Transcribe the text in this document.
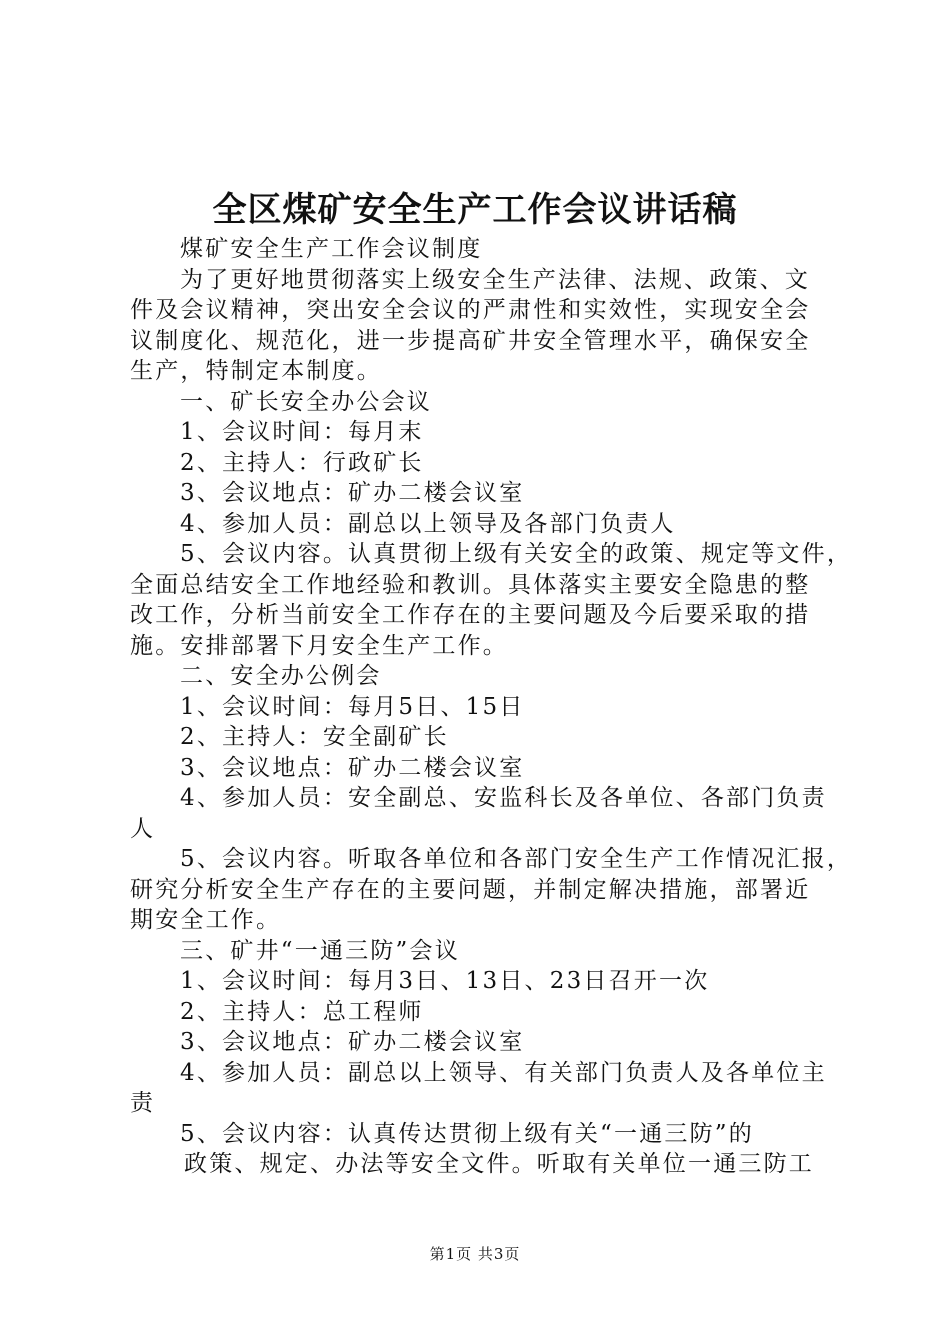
全区煤矿安全生产工作会议讲话稿
煤矿安全生产工作会议制度
为了更好地贯彻落实上级安全生产法律、法规、政策、文
件及会议精神，突出安全会议的严肃性和实效性，实现安全会
议制度化、规范化，进一步提高矿井安全管理水平，确保安全
生产，特制定本制度。
一、矿长安全办公会议
1、会议时间：每月末
2、主持人：行政矿长
3、会议地点：矿办二楼会议室
4、参加人员：副总以上领导及各部门负责人
5、会议内容。认真贯彻上级有关安全的政策、规定等文件，
全面总结安全工作地经验和教训。具体落实主要安全隐患的整
改工作，分析当前安全工作存在的主要问题及今后要采取的措
施。安排部署下月安全生产工作。
二、安全办公例会
1、会议时间：每月5日、15日
2、主持人：安全副矿长
3、会议地点：矿办二楼会议室
4、参加人员：安全副总、安监科长及各单位、各部门负责
人
5、会议内容。听取各单位和各部门安全生产工作情况汇报，
研究分析安全生产存在的主要问题，并制定解决措施，部署近
期安全工作。
三、矿井“一通三防”会议
1、会议时间：每月3日、13日、23日召开一次
2、主持人：总工程师
3、会议地点：矿办二楼会议室
4、参加人员：副总以上领导、有关部门负责人及各单位主
责
5、会议内容：认真传达贯彻上级有关“一通三防”的
政策、规定、办法等安全文件。听取有关单位一通三防工
第1页 共3页
